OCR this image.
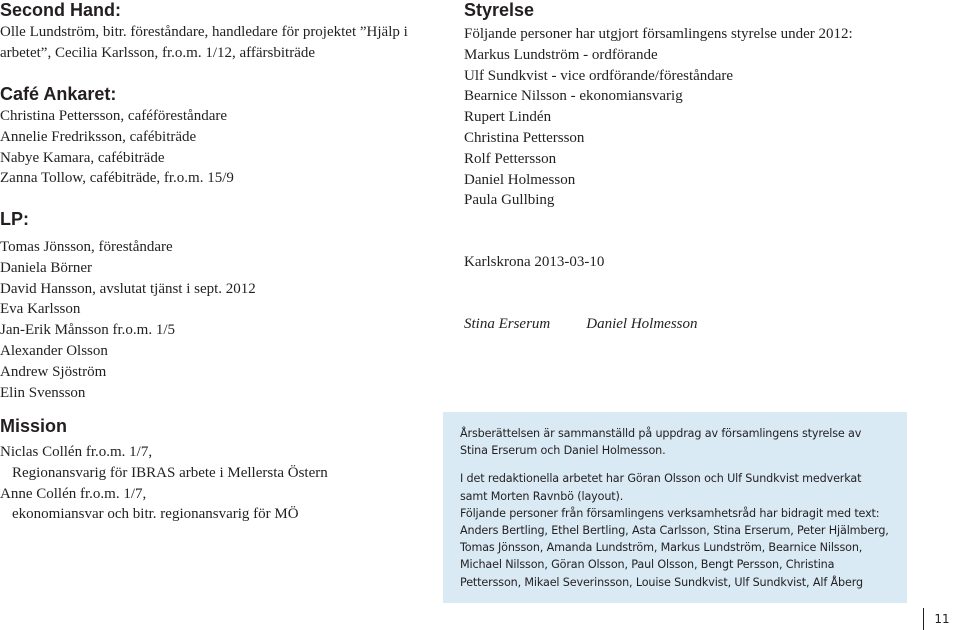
Second Hand:
Olle Lundström, bitr. föreståndare, handledare för projektet ”Hjälp i arbetet”, Cecilia Karlsson, fr.o.m. 1/12, affärsbiträde
Café Ankaret:
Christina Pettersson, caféföreståndare
Annelie Fredriksson, cafébiträde
Nabye Kamara, cafébiträde
Zanna Tollow, cafébiträde, fr.o.m. 15/9
LP:
Tomas Jönsson, föreståndare
Daniela Börner
David Hansson, avslutat tjänst i sept. 2012
Eva Karlsson
Jan-Erik Månsson fr.o.m. 1/5
Alexander Olsson
Andrew Sjöström
Elin Svensson
Mission
Niclas Collén fr.o.m. 1/7,
Regionansvarig för IBRAS arbete i Mellersta Östern
Anne Collén fr.o.m. 1/7,
ekonomiansvar och bitr. regionansvarig för MÖ
Styrelse
Följande personer har utgjort församlingens styrelse under 2012:
Markus Lundström - ordförande
Ulf Sundkvist - vice ordförande/föreståndare
Bearnice Nilsson - ekonomiansvarig
Rupert Lindén
Christina Pettersson
Rolf Pettersson
Daniel Holmesson
Paula Gullbing
Karlskrona 2013-03-10
Stina Erserum Daniel Holmesson

Årsberättelsen är sammanställd på uppdrag av församlingens styrelse av Stina Erserum och Daniel Holmesson.

I det redaktionella arbetet har Göran Olsson och Ulf Sundkvist medverkat samt Morten Ravnbö (layout).

Följande personer från församlingens verksamhetsråd har bidragit med text: Anders Bertling, Ethel Bertling, Asta Carlsson, Stina Erserum, Peter Hjälmberg, Tomas Jönsson, Amanda Lundström, Markus Lundström, Bearnice Nilsson, Michael Nilsson, Göran Olsson, Paul Olsson, Bengt Persson, Christina Pettersson, Mikael Severinsson, Louise Sundkvist, Ulf Sundkvist, Alf Åberg

11
